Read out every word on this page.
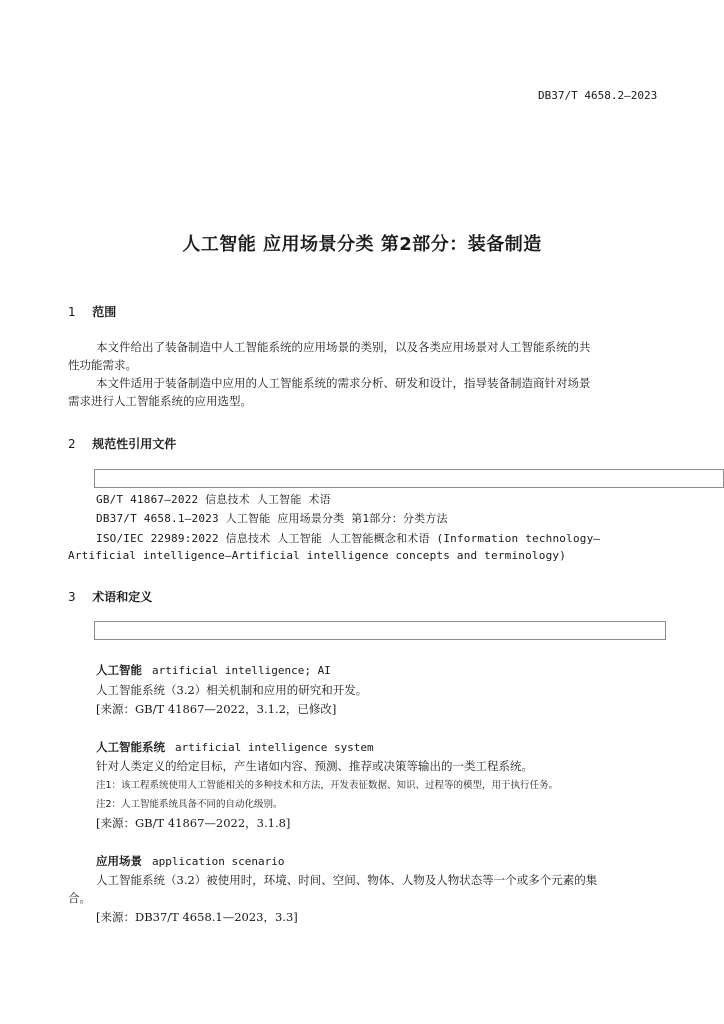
DB37/T 4658.2—2023
人工智能 应用场景分类 第2部分：装备制造
1 范围
本文件给出了装备制造中人工智能系统的应用场景的类别，以及各类应用场景对人工智能系统的共
性功能需求。
本文件适用于装备制造中应用的人工智能系统的需求分析、研发和设计，指导装备制造商针对场景
需求进行人工智能系统的应用选型。
2 规范性引用文件
GB/T 41867—2022 信息技术 人工智能 术语
DB37/T 4658.1—2023 人工智能 应用场景分类 第1部分：分类方法
ISO/IEC 22989:2022 信息技术 人工智能 人工智能概念和术语 (Information technology—
Artificial intelligence—Artificial intelligence concepts and terminology)
3 术语和定义
人工智能 artificial intelligence; AI
人工智能系统（3.2）相关机制和应用的研究和开发。
[来源：GB/T 41867—2022，3.1.2，已修改]
人工智能系统 artificial intelligence system
针对人类定义的给定目标，产生诸如内容、预测、推荐或决策等输出的一类工程系统。
注1：该工程系统使用人工智能相关的多种技术和方法，开发表征数据、知识、过程等的模型，用于执行任务。
注2：人工智能系统具备不同的自动化级别。
[来源：GB/T 41867—2022，3.1.8]
应用场景 application scenario
人工智能系统（3.2）被使用时，环境、时间、空间、物体、人物及人物状态等一个或多个元素的集
合。
[来源：DB37/T 4658.1—2023，3.3]
